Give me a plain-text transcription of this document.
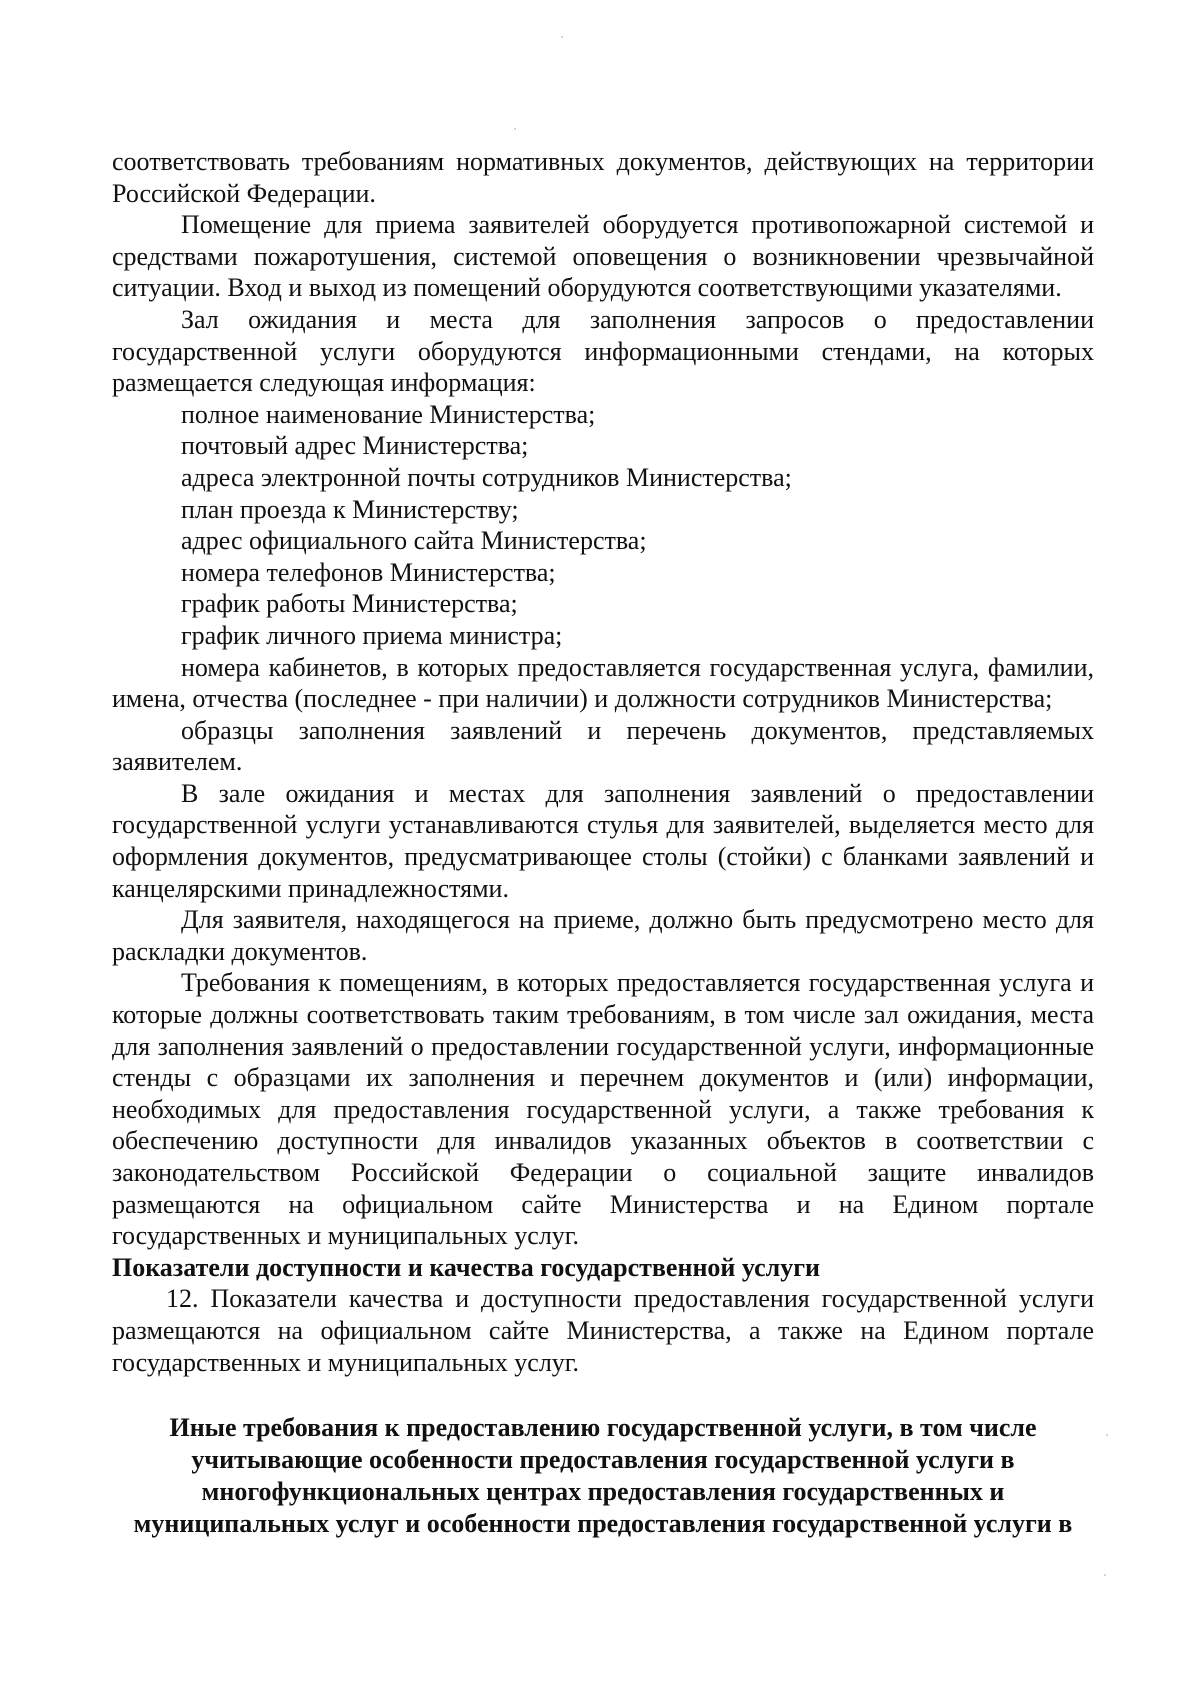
соответствовать требованиям нормативных документов, действующих на территории Российской Федерации.

Помещение для приема заявителей оборудуется противопожарной системой и средствами пожаротушения, системой оповещения о возникновении чрезвычайной ситуации. Вход и выход из помещений оборудуются соответствующими указателями.

Зал ожидания и места для заполнения запросов о предоставлении государственной услуги оборудуются информационными стендами, на которых размещается следующая информация:

полное наименование Министерства;
почтовый адрес Министерства;
адреса электронной почты сотрудников Министерства;
план проезда к Министерству;
адрес официального сайта Министерства;
номера телефонов Министерства;
график работы Министерства;
график личного приема министра;

номера кабинетов, в которых предоставляется государственная услуга, фамилии, имена, отчества (последнее - при наличии) и должности сотрудников Министерства;

образцы заполнения заявлений и перечень документов, представляемых заявителем.

В зале ожидания и местах для заполнения заявлений о предоставлении государственной услуги устанавливаются стулья для заявителей, выделяется место для оформления документов, предусматривающее столы (стойки) с бланками заявлений и канцелярскими принадлежностями.

Для заявителя, находящегося на приеме, должно быть предусмотрено место для раскладки документов.

Требования к помещениям, в которых предоставляется государственная услуга и которые должны соответствовать таким требованиям, в том числе зал ожидания, места для заполнения заявлений о предоставлении государственной услуги, информационные стенды с образцами их заполнения и перечнем документов и (или) информации, необходимых для предоставления государственной услуги, а также требования к обеспечению доступности для инвалидов указанных объектов в соответствии с законодательством Российской Федерации о социальной защите инвалидов размещаются на официальном сайте Министерства и на Едином портале государственных и муниципальных услуг.

Показатели доступности и качества государственной услуги

12. Показатели качества и доступности предоставления государственной услуги размещаются на официальном сайте Министерства, а также на Едином портале государственных и муниципальных услуг.

Иные требования к предоставлению государственной услуги, в том числе
учитывающие особенности предоставления государственной услуги в
многофункциональных центрах предоставления государственных и
муниципальных услуг и особенности предоставления государственной услуги в
